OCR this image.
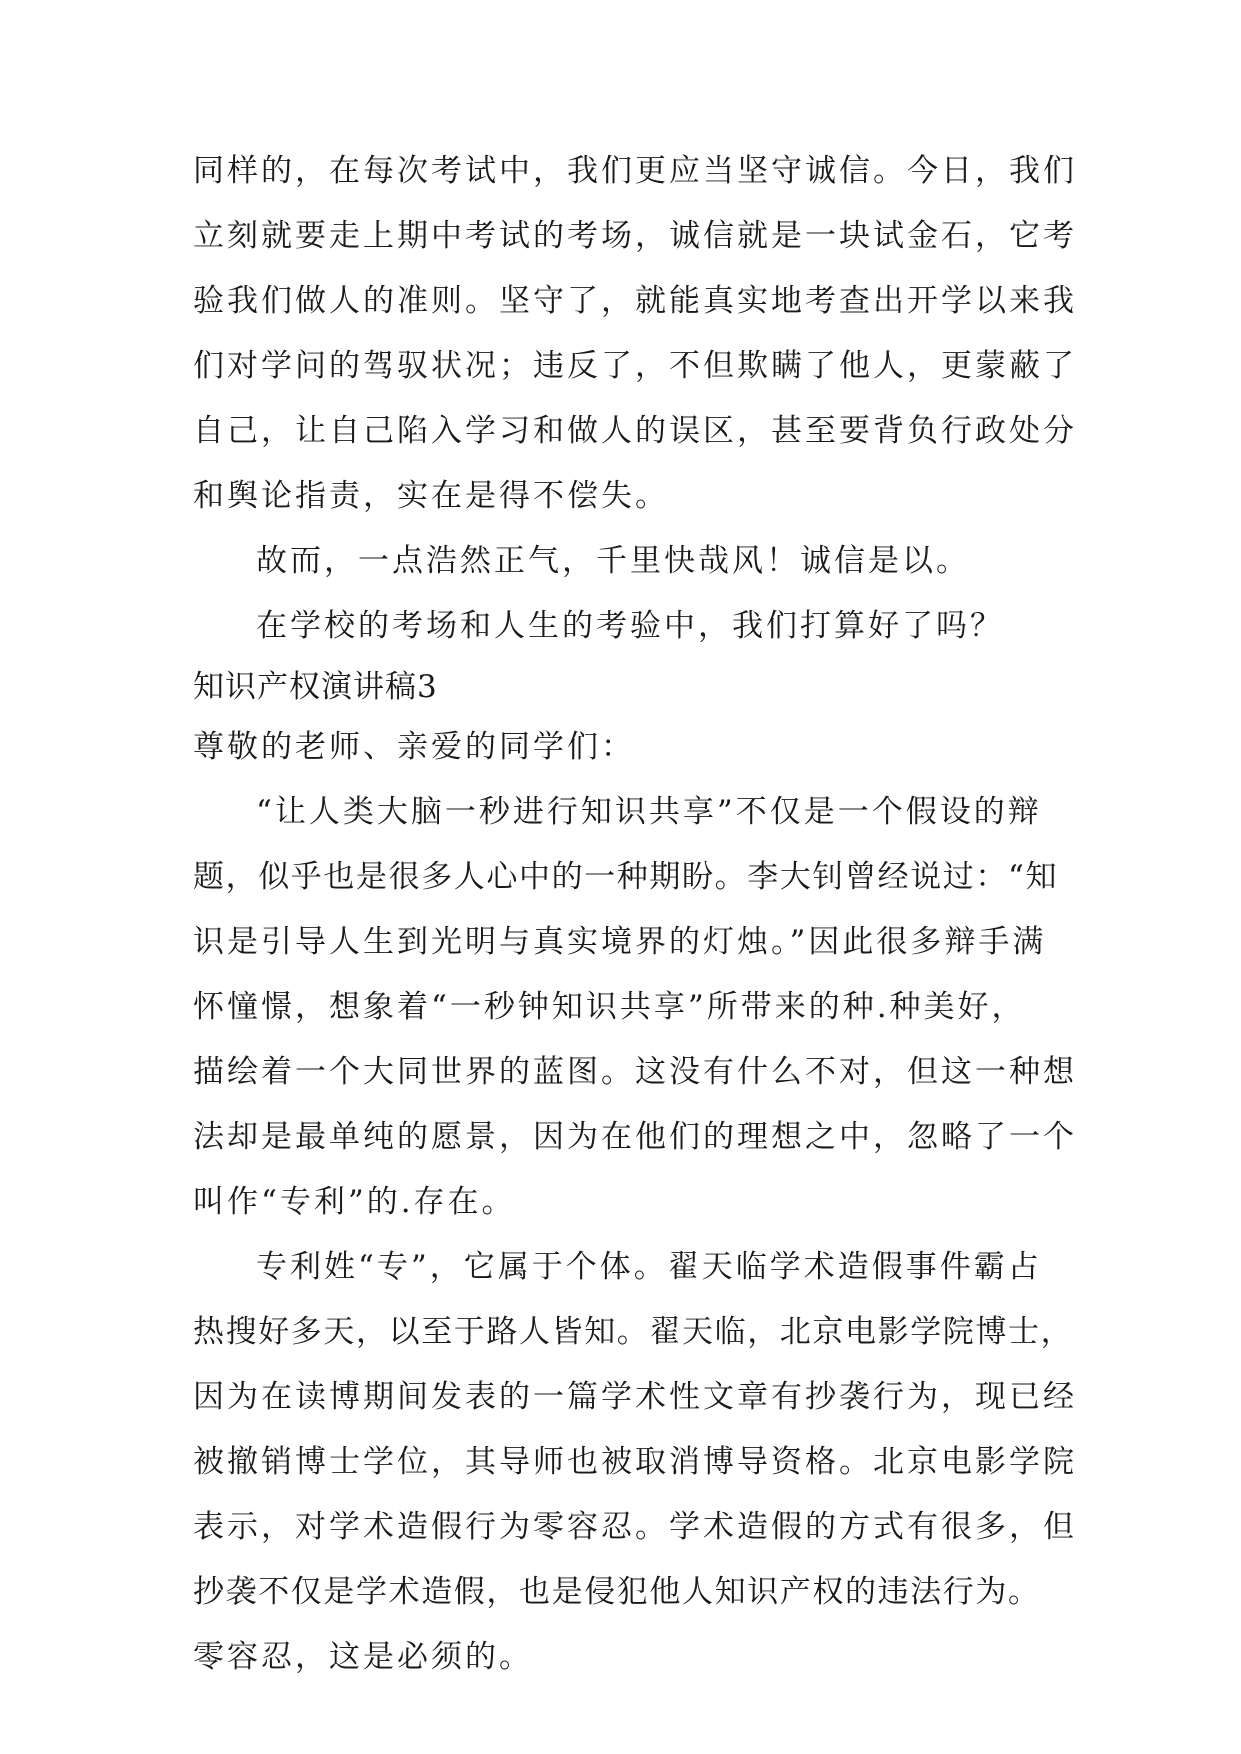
同样的，在每次考试中，我们更应当坚守诚信。今日，我们
立刻就要走上期中考试的考场，诚信就是一块试金石，它考
验我们做人的准则。坚守了，就能真实地考查出开学以来我
们对学问的驾驭状况；违反了，不但欺瞒了他人，更蒙蔽了
自己，让自己陷入学习和做人的误区，甚至要背负行政处分
和舆论指责，实在是得不偿失。
故而，一点浩然正气，千里快哉风！诚信是以。
在学校的考场和人生的考验中，我们打算好了吗？
知识产权演讲稿3
尊敬的老师、亲爱的同学们：
“让人类大脑一秒进行知识共享”不仅是一个假设的辩
题，似乎也是很多人心中的一种期盼。李大钊曾经说过：“知
识是引导人生到光明与真实境界的灯烛。”因此很多辩手满
怀憧憬，想象着“一秒钟知识共享”所带来的种.种美好，
描绘着一个大同世界的蓝图。这没有什么不对，但这一种想
法却是最单纯的愿景，因为在他们的理想之中，忽略了一个
叫作“专利”的.存在。
专利姓“专”，它属于个体。翟天临学术造假事件霸占
热搜好多天，以至于路人皆知。翟天临，北京电影学院博士，
因为在读博期间发表的一篇学术性文章有抄袭行为，现已经
被撤销博士学位，其导师也被取消博导资格。北京电影学院
表示，对学术造假行为零容忍。学术造假的方式有很多，但
抄袭不仅是学术造假，也是侵犯他人知识产权的违法行为。
零容忍，这是必须的。
